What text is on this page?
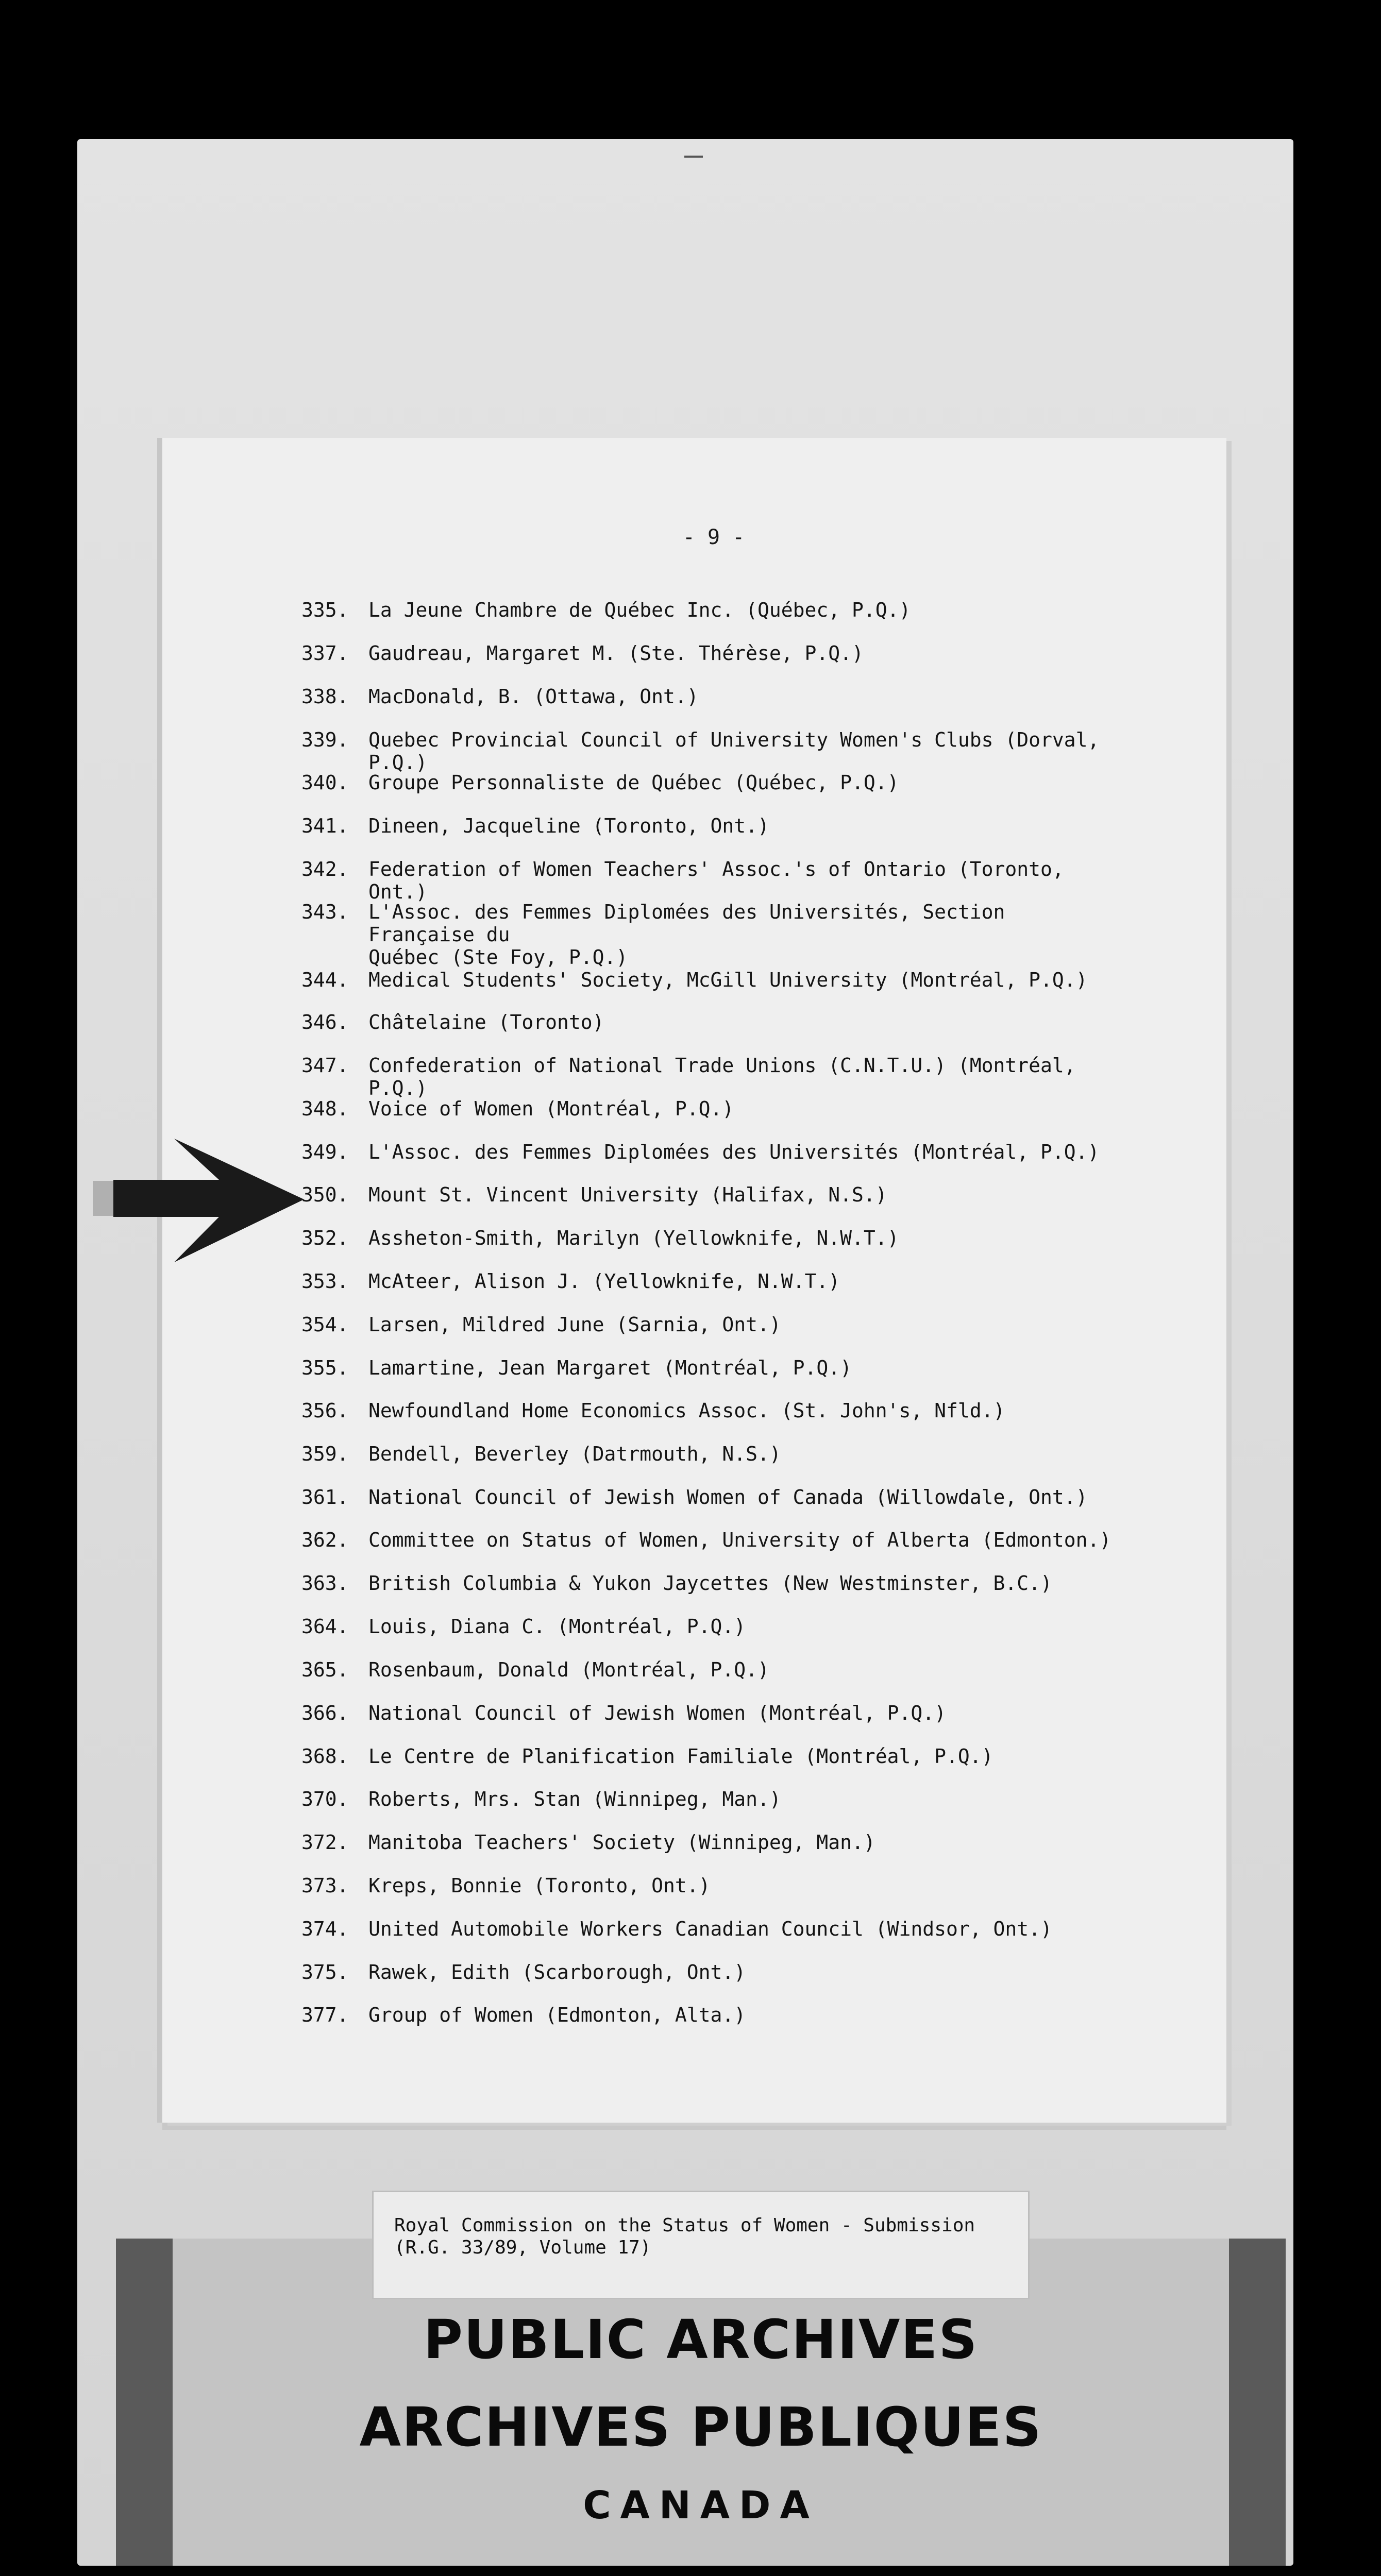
- 9 -
335.	La Jeune Chambre de Québec Inc. (Québec, P.Q.)
337.	Gaudreau, Margaret M. (Ste. Thérèse, P.Q.)
338.	MacDonald, B. (Ottawa, Ont.)
339.	Quebec Provincial Council of University Women's Clubs (Dorval, P.Q.)
340.	Groupe Personnaliste de Québec (Québec, P.Q.)
341.	Dineen, Jacqueline (Toronto, Ont.)
342.	Federation of Women Teachers' Assoc.'s of Ontario (Toronto, Ont.)
343.	L'Assoc. des Femmes Diplomées des Universités, Section Française du
Québec (Ste Foy, P.Q.)
344.	Medical Students' Society, McGill University (Montréal, P.Q.)
346.	Châtelaine (Toronto)
347.	Confederation of National Trade Unions (C.N.T.U.) (Montréal, P.Q.)
348.	Voice of Women (Montréal, P.Q.)
349.	L'Assoc. des Femmes Diplomées des Universités (Montréal, P.Q.)
350.	Mount St. Vincent University (Halifax, N.S.)
352.	Assheton-Smith, Marilyn (Yellowknife, N.W.T.)
353.	McAteer, Alison J. (Yellowknife, N.W.T.)
354.	Larsen, Mildred June (Sarnia, Ont.)
355.	Lamartine, Jean Margaret (Montréal, P.Q.)
356.	Newfoundland Home Economics Assoc. (St. John's, Nfld.)
359.	Bendell, Beverley (Datrmouth, N.S.)
361.	National Council of Jewish Women of Canada (Willowdale, Ont.)
362.	Committee on Status of Women, University of Alberta (Edmonton.)
363.	British Columbia & Yukon Jaycettes (New Westminster, B.C.)
364.	Louis, Diana C. (Montréal, P.Q.)
365.	Rosenbaum, Donald (Montréal, P.Q.)
366.	National Council of Jewish Women (Montréal, P.Q.)
368.	Le Centre de Planification Familiale (Montréal, P.Q.)
370.	Roberts, Mrs. Stan (Winnipeg, Man.)
372.	Manitoba Teachers' Society (Winnipeg, Man.)
373.	Kreps, Bonnie (Toronto, Ont.)
374.	United Automobile Workers Canadian Council (Windsor, Ont.)
375.	Rawek, Edith (Scarborough, Ont.)
377.	Group of Women (Edmonton, Alta.)
Royal Commission on the Status of Women - Submission
(R.G. 33/89, Volume 17)
PUBLIC ARCHIVES
ARCHIVES PUBLIQUES
CANADA
